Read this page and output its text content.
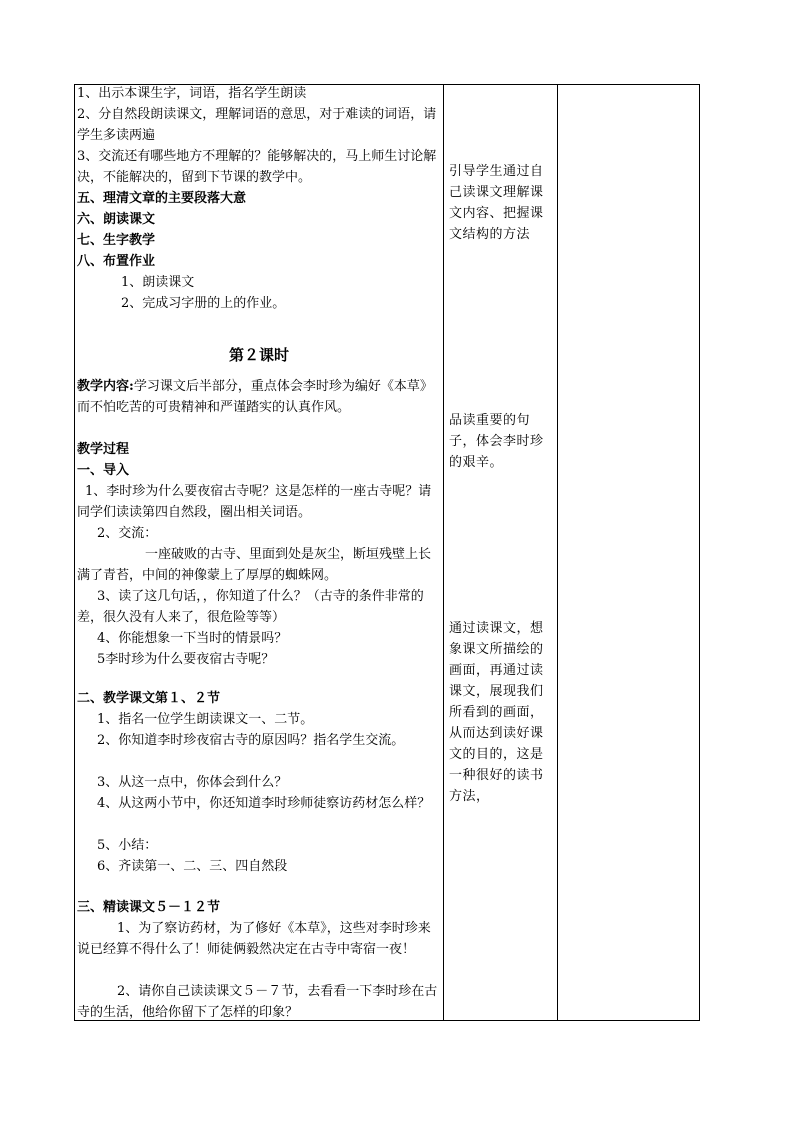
1、出示本课生字，词语，指名学生朗读

2、分自然段朗读课文，理解词语的意思，对于难读的词语，请学生多读两遍

3、交流还有哪些地方不理解的？能够解决的，马上师生讨论解决，不能解决的，留到下节课的教学中。

五、理清文章的主要段落大意

六、朗读课文

七、生字教学

八、布置作业

1、朗读课文

2、完成习字册的上的作业。

第２课时

教学内容:学习课文后半部分，重点体会李时珍为编好《本草》而不怕吃苦的可贵精神和严谨踏实的认真作风。

教学过程

一、导入

1、李时珍为什么要夜宿古寺呢？这是怎样的一座古寺呢？请同学们读读第四自然段，圈出相关词语。

2、交流：

一座破败的古寺、里面到处是灰尘，断垣残壁上长满了青苔，中间的神像蒙上了厚厚的蜘蛛网。

3、读了这几句话，，你知道了什么？（古寺的条件非常的差，很久没有人来了，很危险等等）

4、你能想象一下当时的情景吗？

5李时珍为什么要夜宿古寺呢？

二、教学课文第１、２节

1、指名一位学生朗读课文一、二节。

2、你知道李时珍夜宿古寺的原因吗？指名学生交流。

3、从这一点中，你体会到什么？

4、从这两小节中，你还知道李时珍师徒察访药材怎么样？

5、小结：

6、齐读第一、二、三、四自然段

三、精读课文５－１２节

1、为了察访药材，为了修好《本草》，这些对李时珍来说已经算不得什么了！师徒俩毅然决定在古寺中寄宿一夜！

2、请你自己读读课文５－７节，去看看一下李时珍在古寺的生活，他给你留下了怎样的印象？

引导学生通过自己读课文理解课文内容、把握课文结构的方法

品读重要的句子，体会李时珍的艰辛。

通过读课文，想象课文所描绘的画面，再通过读课文，展现我们所看到的画面，从而达到读好课文的目的，这是一种很好的读书方法，
